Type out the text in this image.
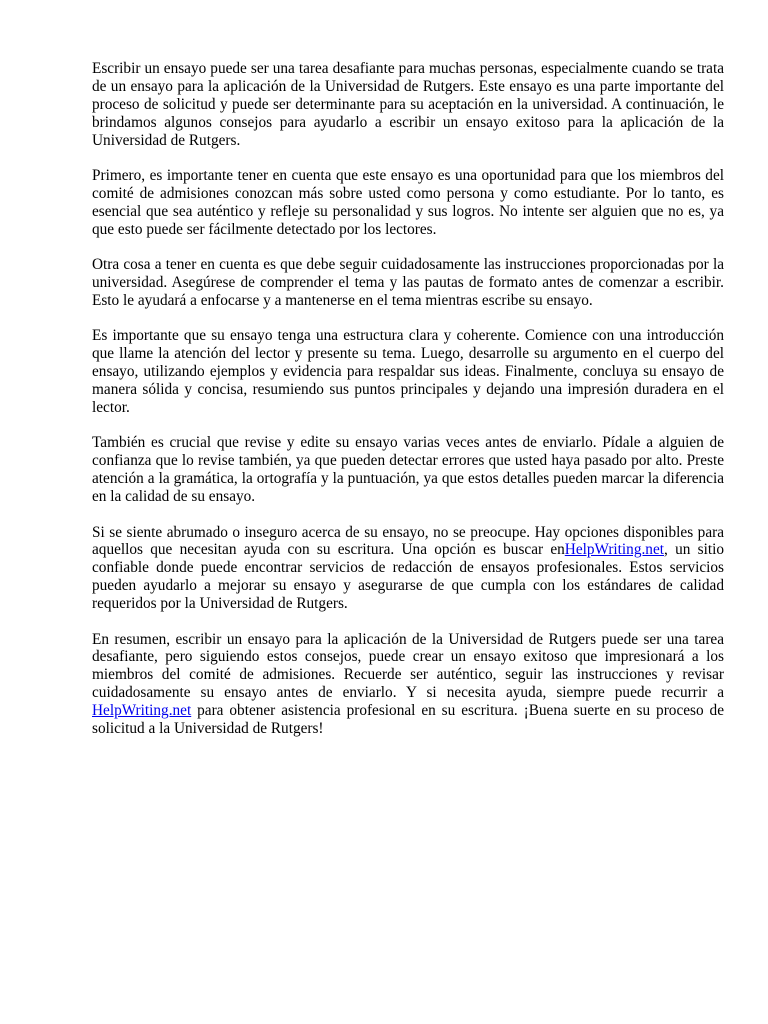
Escribir un ensayo puede ser una tarea desafiante para muchas personas, especialmente cuando se trata de un ensayo para la aplicación de la Universidad de Rutgers. Este ensayo es una parte importante del proceso de solicitud y puede ser determinante para su aceptación en la universidad. A continuación, le brindamos algunos consejos para ayudarlo a escribir un ensayo exitoso para la aplicación de la Universidad de Rutgers.

Primero, es importante tener en cuenta que este ensayo es una oportunidad para que los miembros del comité de admisiones conozcan más sobre usted como persona y como estudiante. Por lo tanto, es esencial que sea auténtico y refleje su personalidad y sus logros. No intente ser alguien que no es, ya que esto puede ser fácilmente detectado por los lectores.

Otra cosa a tener en cuenta es que debe seguir cuidadosamente las instrucciones proporcionadas por la universidad. Asegúrese de comprender el tema y las pautas de formato antes de comenzar a escribir. Esto le ayudará a enfocarse y a mantenerse en el tema mientras escribe su ensayo.

Es importante que su ensayo tenga una estructura clara y coherente. Comience con una introducción que llame la atención del lector y presente su tema. Luego, desarrolle su argumento en el cuerpo del ensayo, utilizando ejemplos y evidencia para respaldar sus ideas. Finalmente, concluya su ensayo de manera sólida y concisa, resumiendo sus puntos principales y dejando una impresión duradera en el lector.

También es crucial que revise y edite su ensayo varias veces antes de enviarlo. Pídale a alguien de confianza que lo revise también, ya que pueden detectar errores que usted haya pasado por alto. Preste atención a la gramática, la ortografía y la puntuación, ya que estos detalles pueden marcar la diferencia en la calidad de su ensayo.

Si se siente abrumado o inseguro acerca de su ensayo, no se preocupe. Hay opciones disponibles para aquellos que necesitan ayuda con su escritura. Una opción es buscar enHelpWriting.net, un sitio confiable donde puede encontrar servicios de redacción de ensayos profesionales. Estos servicios pueden ayudarlo a mejorar su ensayo y asegurarse de que cumpla con los estándares de calidad requeridos por la Universidad de Rutgers.

En resumen, escribir un ensayo para la aplicación de la Universidad de Rutgers puede ser una tarea desafiante, pero siguiendo estos consejos, puede crear un ensayo exitoso que impresionará a los miembros del comité de admisiones. Recuerde ser auténtico, seguir las instrucciones y revisar cuidadosamente su ensayo antes de enviarlo. Y si necesita ayuda, siempre puede recurrir a HelpWriting.net para obtener asistencia profesional en su escritura. ¡Buena suerte en su proceso de solicitud a la Universidad de Rutgers!
